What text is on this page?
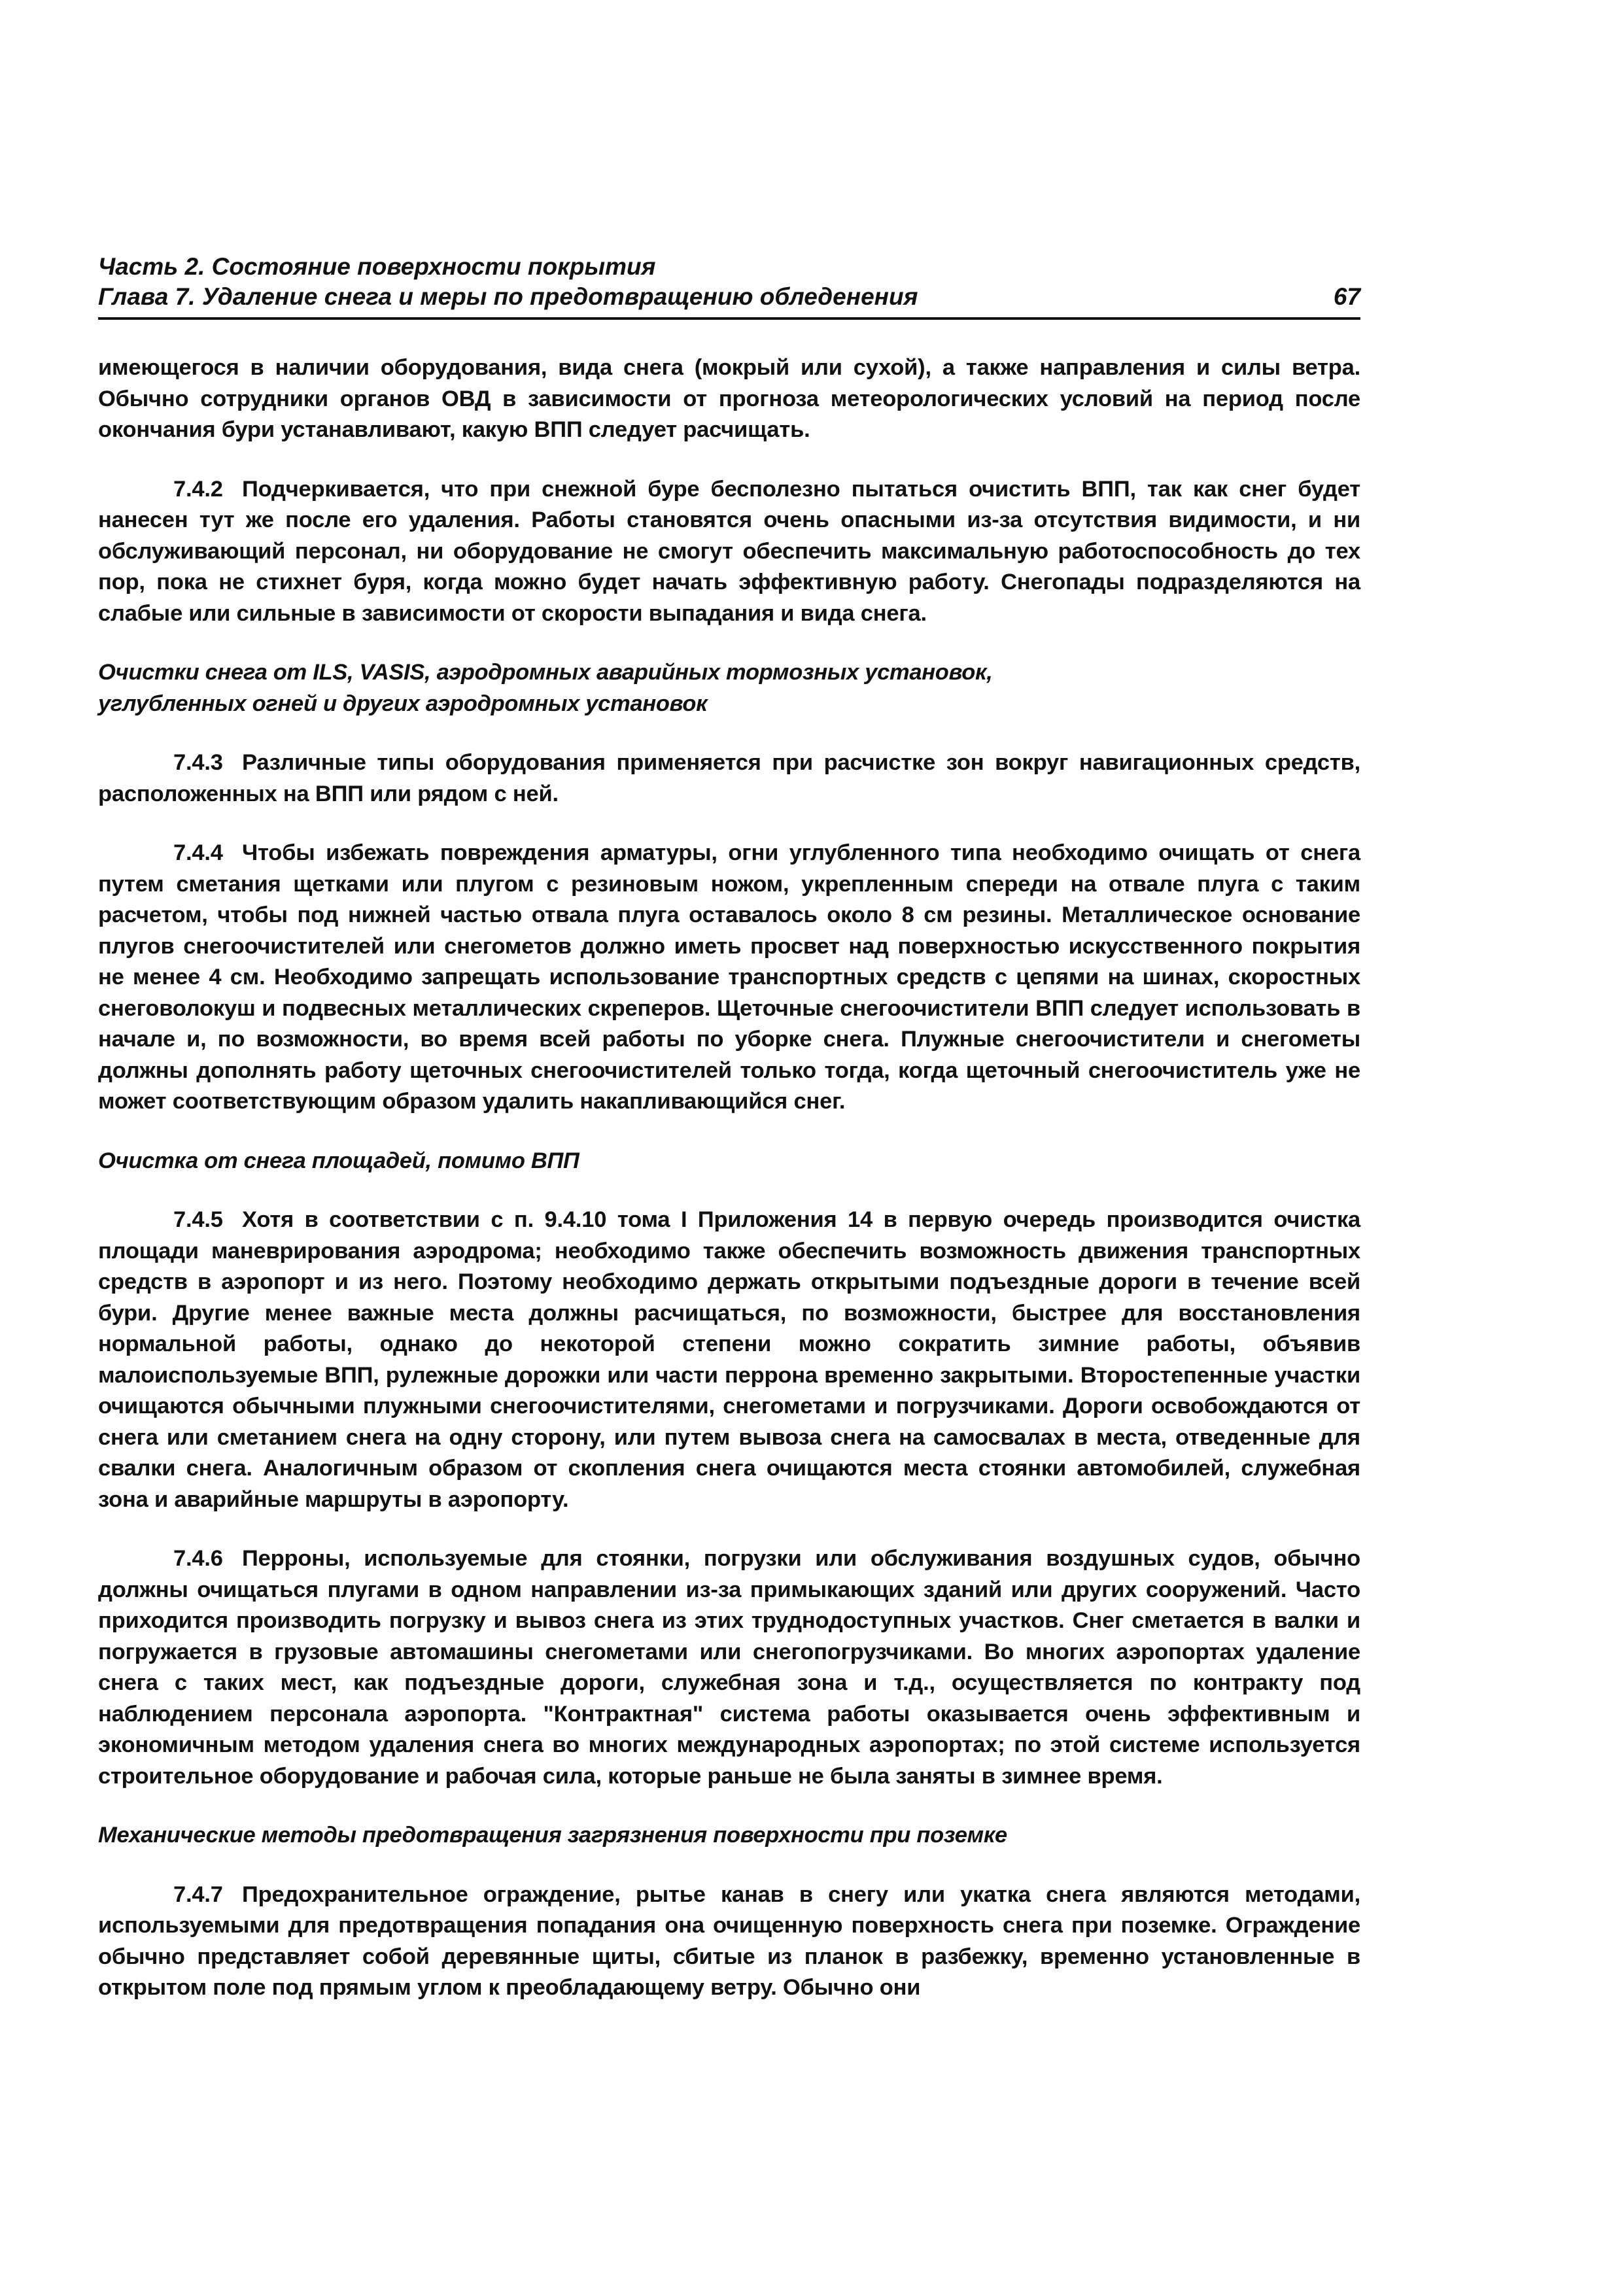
Часть 2. Состояние поверхности покрытия
Глава 7. Удаление снега и меры по предотвращению обледенения	67

имеющегося в наличии оборудования, вида снега (мокрый или сухой), а также направления и силы ветра. Обычно сотрудники органов ОВД в зависимости от прогноза метеорологических условий на период после окончания бури устанавливают, какую ВПП следует расчищать.

7.4.2 Подчеркивается, что при снежной буре бесполезно пытаться очистить ВПП, так как снег будет нанесен тут же после его удаления. Работы становятся очень опасными из-за отсутствия видимости, и ни обслуживающий персонал, ни оборудование не смогут обеспечить максимальную работоспособность до тех пор, пока не стихнет буря, когда можно будет начать эффективную работу. Снегопады подразделяются на слабые или сильные в зависимости от скорости выпадания и вида снега.

Очистки снега от ILS, VASIS, аэродромных аварийных тормозных установок,
углубленных огней и других аэродромных установок

7.4.3 Различные типы оборудования применяется при расчистке зон вокруг навигационных средств, расположенных на ВПП или рядом с ней.

7.4.4 Чтобы избежать повреждения арматуры, огни углубленного типа необходимо очищать от снега путем сметания щетками или плугом с резиновым ножом, укрепленным спереди на отвале плуга с таким расчетом, чтобы под нижней частью отвала плуга оставалось около 8 см резины. Металлическое основание плугов снегоочистителей или снегометов должно иметь просвет над поверхностью искусственного покрытия не менее 4 см. Необходимо запрещать использование транспортных средств с цепями на шинах, скоростных снеговолокуш и подвесных металлических скреперов. Щеточные снегоочистители ВПП следует использовать в начале и, по возможности, во время всей работы по уборке снега. Плужные снегоочистители и снегометы должны дополнять работу щеточных снегоочистителей только тогда, когда щеточный снегоочиститель уже не может соответствующим образом удалить накапливающийся снег.

Очистка от снега площадей, помимо ВПП

7.4.5 Хотя в соответствии с п. 9.4.10 тома I Приложения 14 в первую очередь производится очистка площади маневрирования аэродрома; необходимо также обеспечить возможность движения транспортных средств в аэропорт и из него. Поэтому необходимо держать открытыми подъездные дороги в течение всей бури. Другие менее важные места должны расчищаться, по возможности, быстрее для восстановления нормальной работы, однако до некоторой степени можно сократить зимние работы, объявив малоиспользуемые ВПП, рулежные дорожки или части перрона временно закрытыми. Второстепенные участки очищаются обычными плужными снегоочистителями, снегометами и погрузчиками. Дороги освобождаются от снега или сметанием снега на одну сторону, или путем вывоза снега на самосвалах в места, отведенные для свалки снега. Аналогичным образом от скопления снега очищаются места стоянки автомобилей, служебная зона и аварийные маршруты в аэропорту.

7.4.6 Перроны, используемые для стоянки, погрузки или обслуживания воздушных судов, обычно должны очищаться плугами в одном направлении из-за примыкающих зданий или других сооружений. Часто приходится производить погрузку и вывоз снега из этих труднодоступных участков. Снег сметается в валки и погружается в грузовые автомашины снегометами или снегопогрузчиками. Во многих аэропортах удаление снега с таких мест, как подъездные дороги, служебная зона и т.д., осуществляется по контракту под наблюдением персонала аэропорта. "Контрактная" система работы оказывается очень эффективным и экономичным методом удаления снега во многих международных аэропортах; по этой системе используется строительное оборудование и рабочая сила, которые раньше не была заняты в зимнее время.

Механические методы предотвращения загрязнения поверхности при поземке

7.4.7 Предохранительное ограждение, рытье канав в снегу или укатка снега являются методами, используемыми для предотвращения попадания она очищенную поверхность снега при поземке. Ограждение обычно представляет собой деревянные щиты, сбитые из планок в разбежку, временно установленные в открытом поле под прямым углом к преобладающему ветру. Обычно они
